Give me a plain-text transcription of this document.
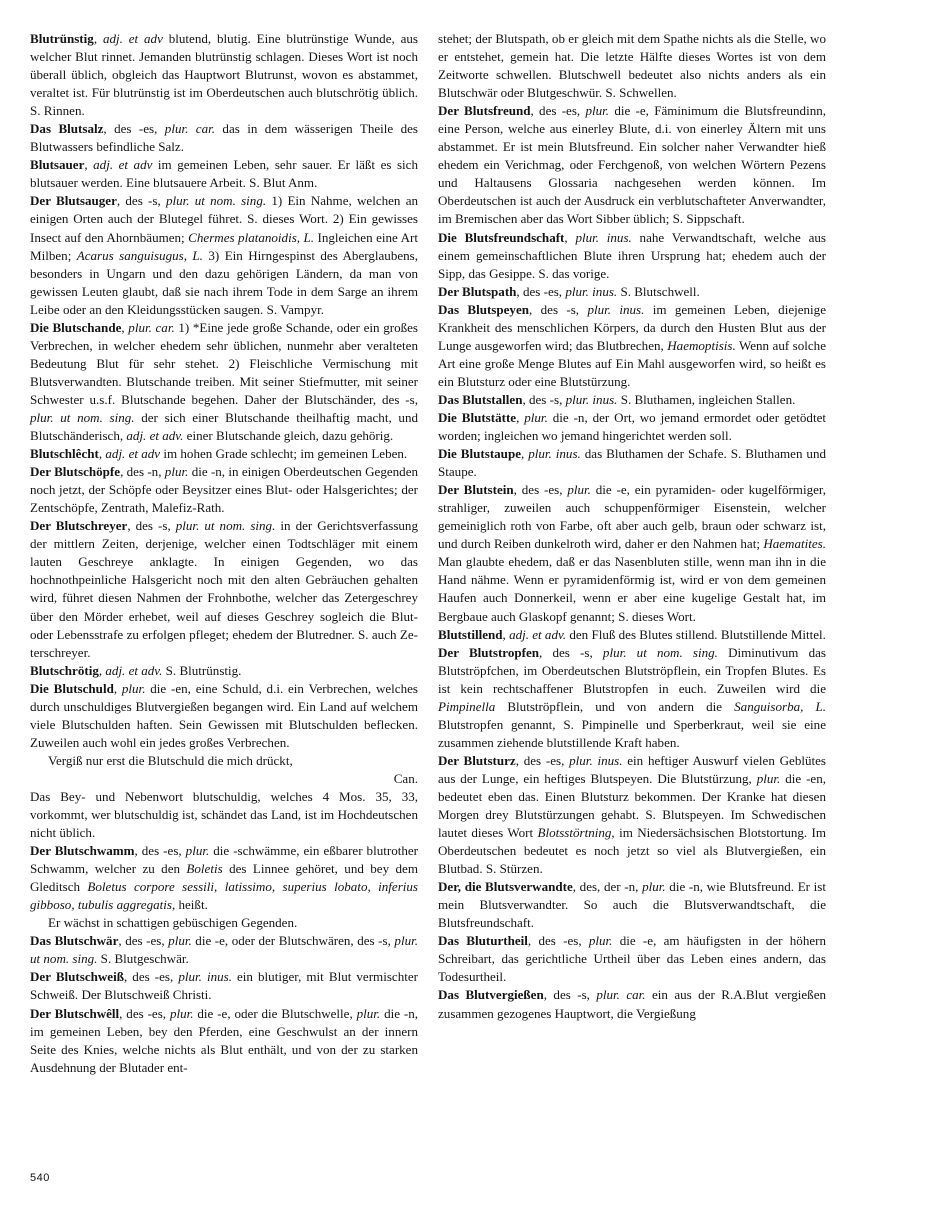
Blutrünstig, adj. et adv blutend, blutig. Eine blutrünstige Wunde, aus welcher Blut rinnet. Jemanden blutrünstig schlagen. Dieses Wort ist noch überall üblich, obgleich das Hauptwort Blutrunst, wovon es abstammet, veraltet ist. Für blutrünstig ist im Oberdeutschen auch blutschrötig üblich. S. Rinnen.

Das Blutsalz, des -es, plur. car. das in dem wässerigen Theile des Blutwassers befindliche Salz.

Blutsauer, adj. et adv im gemeinen Leben, sehr sauer. Er läßt es sich blutsauer werden. Eine blutsauere Arbeit. S. Blut Anm.

Der Blutsauger, des -s, plur. ut nom. sing. 1) Ein Nahme, welchen an einigen Orten auch der Blutegel führet. S. dieses Wort. 2) Ein gewisses Insect auf den Ahornbäumen; Chermes platanoidis, L. Ingleichen eine Art Milben; Acarus sanguisugus, L. 3) Ein Hirngespinst des Aberglaubens, besonders in Ungarn und den dazu gehörigen Ländern, da man von gewissen Leuten glaubt, daß sie nach ihrem Tode in dem Sarge an ihrem Leibe oder an den Kleidungsstücken saugen. S. Vampyr.

Die Blutschande, plur. car. 1) *Eine jede große Schande, oder ein großes Verbrechen, in welcher ehedem sehr üblichen, nunmehr aber veralteten Bedeutung Blut für sehr stehet. 2) Fleischliche Vermischung mit Blutsverwandten. Blutschande treiben. Mit seiner Stiefmutter, mit seiner Schwester u.s.f. Blutschande begehen. Daher der Blutschänder, des -s, plur. ut nom. sing. der sich einer Blutschande theilhaftig macht, und Blutschänderisch, adj. et adv. einer Blutschande gleich, dazu gehörig.

Blutschlêcht, adj. et adv im hohen Grade schlecht; im gemeinen Leben.

Der Blutschöpfe, des -n, plur. die -n, in einigen Oberdeutschen Gegenden noch jetzt, der Schöpfe oder Beysitzer eines Blut- oder Halsgerichtes; der Zentschöpfe, Zentrath, Malefiz-Rath.

Der Blutschreyer, des -s, plur. ut nom. sing. in der Gerichtsverfassung der mittlern Zeiten, derjenige, welcher einen Todtschläger mit einem lauten Geschreye anklagte. In einigen Gegenden, wo das hochnothpeinliche Halsgericht noch mit den alten Gebräuchen gehalten wird, führet diesen Nahmen der Frohnbothe, welcher das Zetergeschrey über den Mörder erhebet, weil auf dieses Geschrey sogleich die Blut- oder Lebensstrafe zu erfolgen pfleget; ehedem der Blutredner. S. auch Zeterschreyer.

Blutschrötig, adj. et adv. S. Blutrünstig.

Die Blutschuld, plur. die -en, eine Schuld, d.i. ein Verbrechen, welches durch unschuldiges Blutvergießen begangen wird. Ein Land auf welchem viele Blutschulden haften. Sein Gewissen mit Blutschulden beflecken. Zuweilen auch wohl ein jedes großes Verbrechen.

Vergiß nur erst die Blutschuld die mich drückt,

Can.

Das Bey- und Nebenwort blutschuldig, welches 4 Mos. 35, 33, vorkommt, wer blutschuldig ist, schändet das Land, ist im Hochdeutschen nicht üblich.

Der Blutschwamm, des -es, plur. die -schwämme, ein eßbarer blutrother Schwamm, welcher zu den Boletis des Linnee gehöret, und bey dem Gleditsch Boletus corpore sessili, latissimo, superius lobato, inferius gibboso, tubulis aggregatis, heißt.

Er wächst in schattigen gebüschigen Gegenden.

Das Blutschwär, des -es, plur. die -e, oder der Blutschwären, des -s, plur. ut nom. sing. S. Blutgeschwär.

Der Blutschweiß, des -es, plur. inus. ein blutiger, mit Blut vermischter Schweiß. Der Blutschweiß Christi.

Der Blutschwêll, des -es, plur. die -e, oder die Blutschwelle, plur. die -n, im gemeinen Leben, bey den Pferden, eine Geschwulst an der innern Seite des Knies, welche nichts als Blut enthält, und von der zu starken Ausdehnung der Blutader ent-

stehet; der Blutspath, ob er gleich mit dem Spathe nichts als die Stelle, wo er entstehet, gemein hat. Die letzte Hälfte dieses Wortes ist von dem Zeitworte schwellen. Blutschwell bedeutet also nichts anders als ein Blutschwär oder Blutgeschwür. S. Schwellen.

Der Blutsfreund, des -es, plur. die -e, Fäminimum die Blutsfreundinn, eine Person, welche aus einerley Blute, d.i. von einerley Ältern mit uns abstammet. Er ist mein Blutsfreund. Ein solcher naher Verwandter hieß ehedem ein Verichmag, oder Ferchgenoß, von welchen Wörtern Pezens und Haltausens Glossaria nachgesehen werden können. Im Oberdeutschen ist auch der Ausdruck ein verblutschafteter Anverwandter, im Bremischen aber das Wort Sibber üblich; S. Sippschaft.

Die Blutsfreundschaft, plur. inus. nahe Verwandtschaft, welche aus einem gemeinschaftlichen Blute ihren Ursprung hat; ehedem auch der Sipp, das Gesippe. S. das vorige.

Der Blutspath, des -es, plur. inus. S. Blutschwell.

Das Blutspeyen, des -s, plur. inus. im gemeinen Leben, diejenige Krankheit des menschlichen Körpers, da durch den Husten Blut aus der Lunge ausgeworfen wird; das Blutbrechen, Haemoptisis. Wenn auf solche Art eine große Menge Blutes auf Ein Mahl ausgeworfen wird, so heißt es ein Blutsturz oder eine Blutstürzung.

Das Blutstallen, des -s, plur. inus. S. Bluthamen, ingleichen Stallen.

Die Blutstätte, plur. die -n, der Ort, wo jemand ermordet oder getödtet worden; ingleichen wo jemand hingerichtet werden soll.

Die Blutstaupe, plur. inus. das Bluthamen der Schafe. S. Bluthamen und Staupe.

Der Blutstein, des -es, plur. die -e, ein pyramiden- oder kugelförmiger, strahliger, zuweilen auch schuppenförmiger Eisenstein, welcher gemeiniglich roth von Farbe, oft aber auch gelb, braun oder schwarz ist, und durch Reiben dunkelroth wird, daher er den Nahmen hat; Haematites. Man glaubte ehedem, daß er das Nasenbluten stille, wenn man ihn in die Hand nähme. Wenn er pyramidenförmig ist, wird er von dem gemeinen Haufen auch Donnerkeil, wenn er aber eine kugelige Gestalt hat, im Bergbaue auch Glaskopf genannt; S. dieses Wort.

Blutstillend, adj. et adv. den Fluß des Blutes stillend. Blutstillende Mittel.

Der Blutstropfen, des -s, plur. ut nom. sing. Diminutivum das Blutströpfchen, im Oberdeutschen Blutströpflein, ein Tropfen Blutes. Es ist kein rechtschaffener Blutstropfen in euch. Zuweilen wird die Pimpinella Blutströpflein, und von andern die Sanguisorba, L. Blutstropfen genannt, S. Pimpinelle und Sperberkraut, weil sie eine zusammen ziehende blutstillende Kraft haben.

Der Blutsturz, des -es, plur. inus. ein heftiger Auswurf vielen Geblütes aus der Lunge, ein heftiges Blutspeyen. Die Blutstürzung, plur. die -en, bedeutet eben das. Einen Blutsturz bekommen. Der Kranke hat diesen Morgen drey Blutstürzungen gehabt. S. Blutspeyen. Im Schwedischen lautet dieses Wort Blotsstörtning, im Niedersächsischen Blotstortung. Im Oberdeutschen bedeutet es noch jetzt so viel als Blutvergießen, ein Blutbad. S. Stürzen.

Der, die Blutsverwandte, des, der -n, plur. die -n, wie Blutsfreund. Er ist mein Blutsverwandter. So auch die Blutsverwandtschaft, die Blutsfreundschaft.

Das Bluturtheil, des -es, plur. die -e, am häufigsten in der höhern Schreibart, das gerichtliche Urtheil über das Leben eines andern, das Todesurtheil.

Das Blutvergießen, des -s, plur. car. ein aus der R.A.Blut vergießen zusammen gezogenes Hauptwort, die Vergießung

540
